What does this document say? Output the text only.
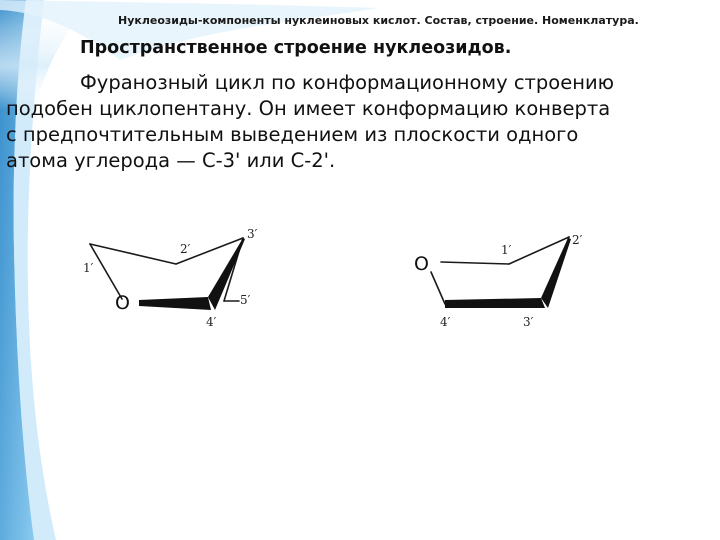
Нуклеозиды-компоненты нуклеиновых кислот. Состав, строение. Номенклатура.
Пространственное строение нуклеозидов.
Фуранозный цикл по конформационному строению
подобен циклопентану. Он имеет конформацию конверта
с предпочтительным выведением из плоскости одного
атома углерода — С-3' или С-2'.
O
1′
2′
3′
4′
5′
O
1′
2′
3′
4′
